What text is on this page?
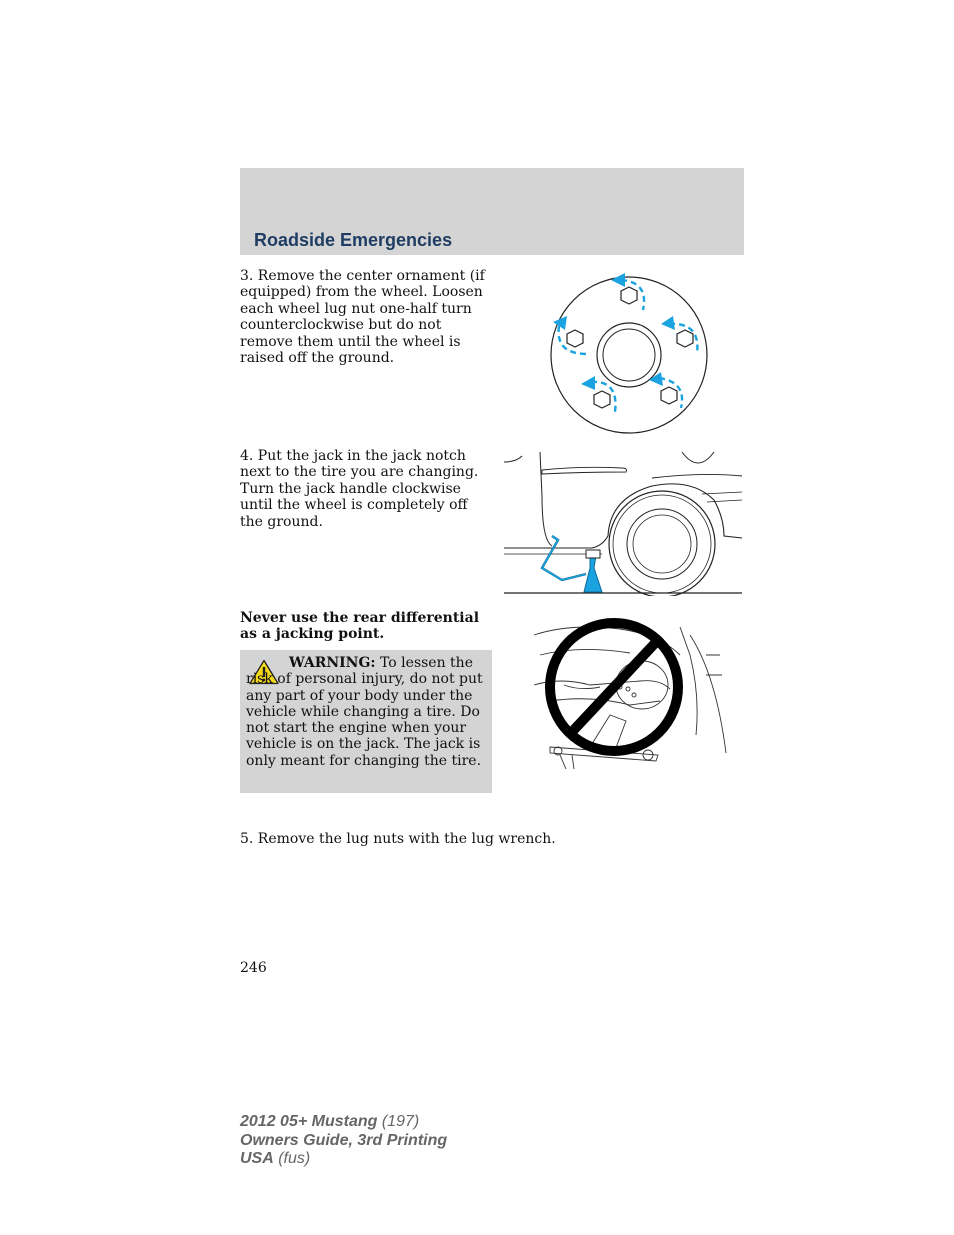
Roadside Emergencies
3. Remove the center ornament (if equipped) from the wheel. Loosen each wheel lug nut one-half turn counterclockwise but do not remove them until the wheel is raised off the ground.
4. Put the jack in the jack notch next to the tire you are changing. Turn the jack handle clockwise until the wheel is completely off the ground.
Never use the rear differential as a jacking point.
WARNING: To lessen the risk of personal injury, do not put any part of your body under the vehicle while changing a tire. Do not start the engine when your vehicle is on the jack. The jack is only meant for changing the tire.
5. Remove the lug nuts with the lug wrench.
246
2012 05+ Mustang (197)
Owners Guide, 3rd Printing
USA (fus)
